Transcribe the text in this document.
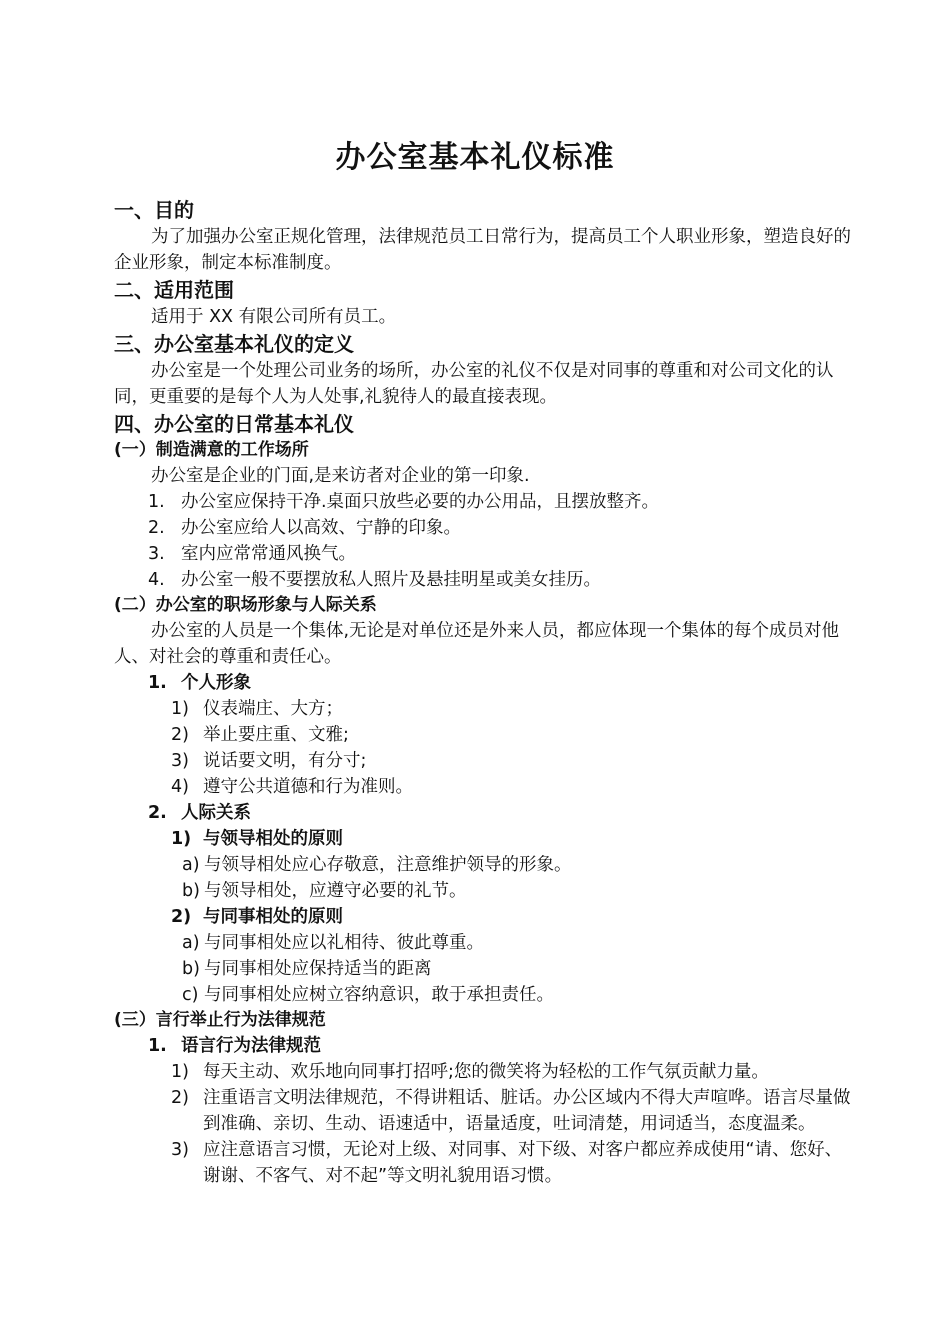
办公室基本礼仪标准
一、目的
为了加强办公室正规化管理，法律规范员工日常行为，提高员工个人职业形象，塑造良好的企业形象，制定本标准制度。
二、适用范围
适用于 XX 有限公司所有员工。
三、办公室基本礼仪的定义
办公室是一个处理公司业务的场所，办公室的礼仪不仅是对同事的尊重和对公司文化的认同，更重要的是每个人为人处事,礼貌待人的最直接表现。
四、办公室的日常基本礼仪
(一）制造满意的工作场所
办公室是企业的门面,是来访者对企业的第一印象.
1. 办公室应保持干净.桌面只放些必要的办公用品，且摆放整齐。
2. 办公室应给人以高效、宁静的印象。
3. 室内应常常通风换气。
4. 办公室一般不要摆放私人照片及悬挂明星或美女挂历。
(二）办公室的职场形象与人际关系
办公室的人员是一个集体,无论是对单位还是外来人员，都应体现一个集体的每个成员对他人、对社会的尊重和责任心。
1. 个人形象
1) 仪表端庄、大方；
2) 举止要庄重、文雅;
3) 说话要文明，有分寸;
4) 遵守公共道德和行为准则。
2. 人际关系
1) 与领导相处的原则
a) 与领导相处应心存敬意，注意维护领导的形象。
b) 与领导相处，应遵守必要的礼节。
2) 与同事相处的原则
a) 与同事相处应以礼相待、彼此尊重。
b) 与同事相处应保持适当的距离
c) 与同事相处应树立容纳意识，敢于承担责任。
(三）言行举止行为法律规范
1. 语言行为法律规范
1) 每天主动、欢乐地向同事打招呼;您的微笑将为轻松的工作气氛贡献力量。
2) 注重语言文明法律规范，不得讲粗话、脏话。办公区域内不得大声喧哗。语言尽量做到准确、亲切、生动、语速适中，语量适度，吐词清楚，用词适当，态度温柔。
3) 应注意语言习惯，无论对上级、对同事、对下级、对客户都应养成使用“请、您好、谢谢、不客气、对不起”等文明礼貌用语习惯。
